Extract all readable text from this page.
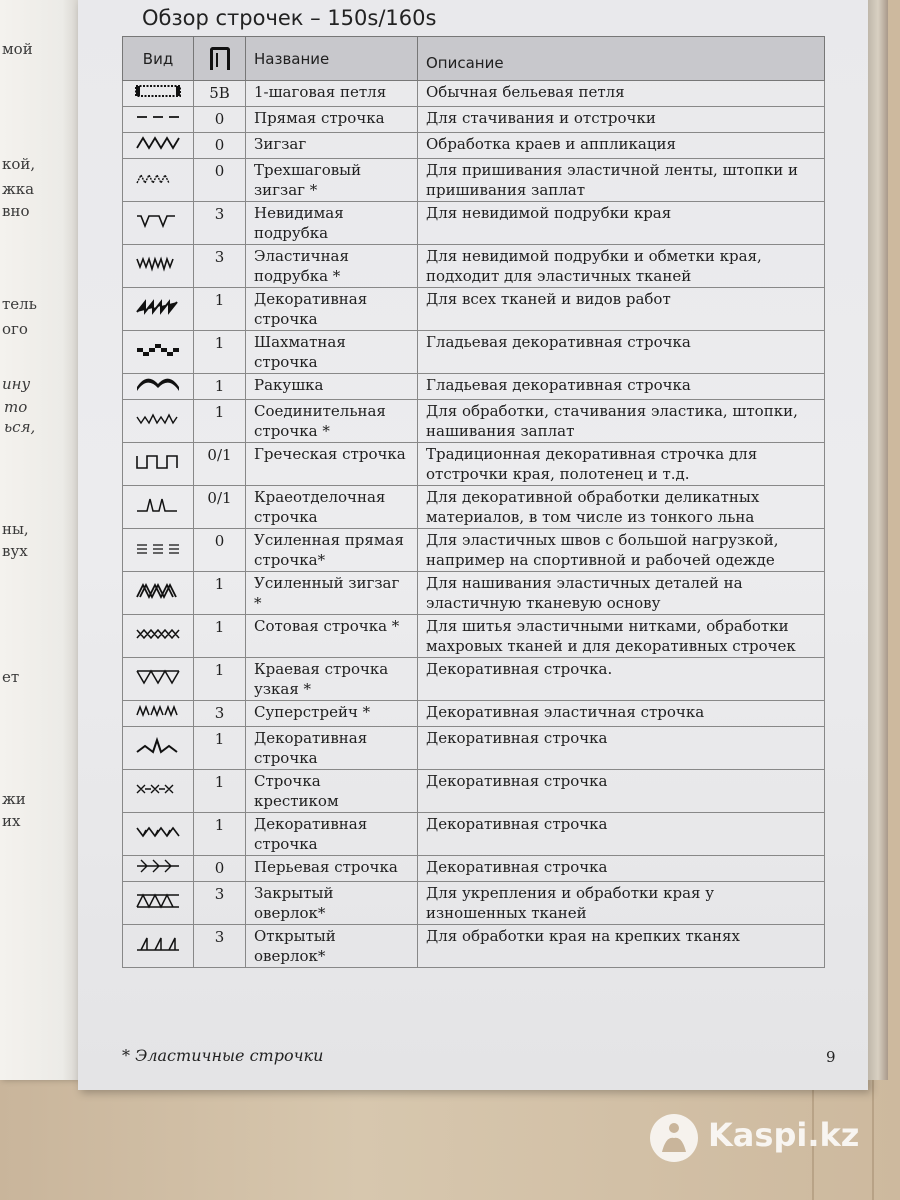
мой
кой,
жка
вно
тель
ого
ину
то
ься,
ны,
вух
ет
жи
их
Обзор строчек – 150s/160s
Вид		Название	Описание
	5B	1-шаговая петля	Обычная бельевая петля
	0	Прямая строчка	Для стачивания и отстрочки
	0	Зигзаг	Обработка краев и аппликация
	0	Трехшаговый зигзаг *	Для пришивания эластичной ленты, штопки и пришивания заплат
	3	Невидимая подрубка	Для невидимой подрубки края
	3	Эластичная подрубка *	Для невидимой подрубки и обметки края, подходит для эластичных тканей
	1	Декоративная строчка	Для всех тканей и видов работ
	1	Шахматная строчка	Гладьевая декоративная строчка
	1	Ракушка	Гладьевая декоративная строчка
	1	Соединительная строчка *	Для обработки, стачивания эластика, штопки, нашивания заплат
	0/1	Греческая строчка	Традиционная декоративная строчка для отстрочки края, полотенец и т.д.
	0/1	Краеотделочная строчка	Для декоративной обработки деликатных материалов, в том числе из тонкого льна
	0	Усиленная прямая строчка*	Для эластичных швов с большой нагрузкой, например на спортивной и рабочей одежде
	1	Усиленный зигзаг *	Для нашивания эластичных деталей на эластичную тканевую основу
	1	Сотовая строчка *	Для шитья эластичными нитками, обработки махровых тканей и для декоративных строчек
	1	Краевая строчка узкая *	Декоративная строчка.
	3	Суперстрейч *	Декоративная эластичная строчка
	1	Декоративная строчка	Декоративная строчка
	1	Строчка крестиком	Декоративная строчка
	1	Декоративная строчка	Декоративная строчка
	0	Перьевая строчка	Декоративная строчка
	3	Закрытый оверлок*	Для укрепления и обработки края у изношенных тканей
	3	Открытый оверлок*	Для обработки края на крепких тканях
* Эластичные строчки	9
Kaspi.kz
